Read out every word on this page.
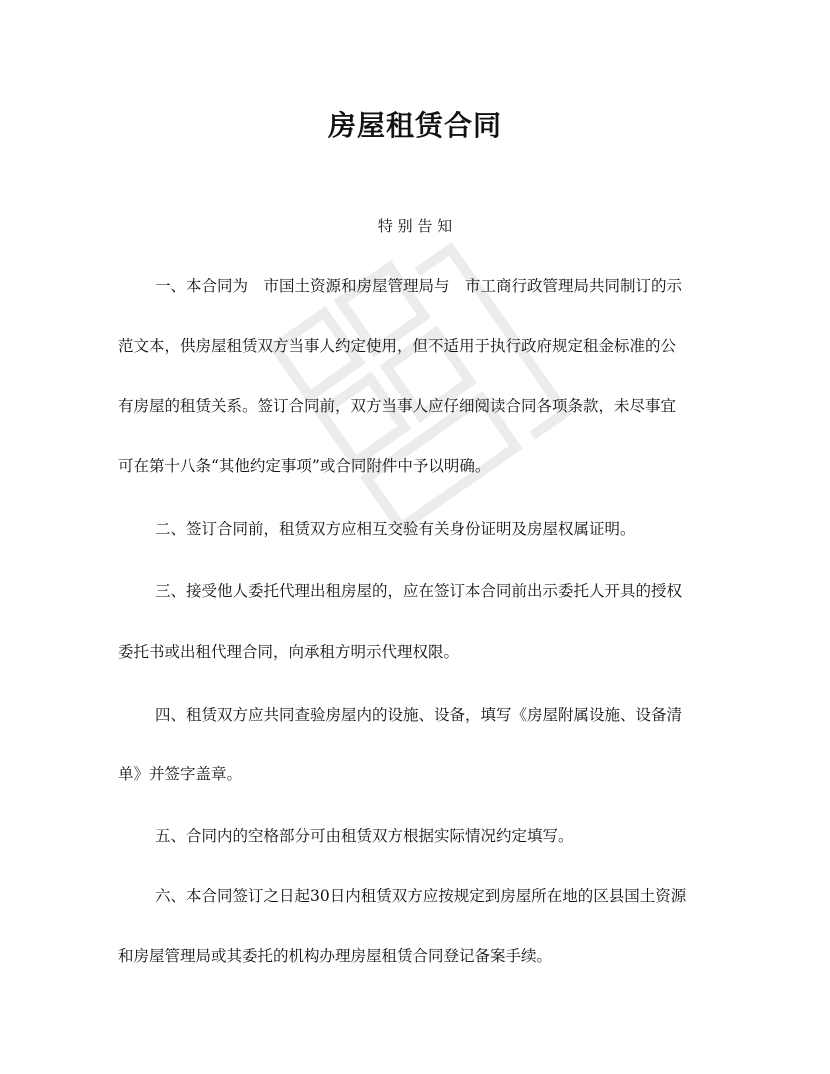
房屋租赁合同
特 别 告 知
一、本合同为　市国土资源和房屋管理局与　市工商行政管理局共同制订的示
范文本，供房屋租赁双方当事人约定使用，但不适用于执行政府规定租金标准的公
有房屋的租赁关系。签订合同前，双方当事人应仔细阅读合同各项条款，未尽事宜
可在第十八条“其他约定事项”或合同附件中予以明确。
二、签订合同前，租赁双方应相互交验有关身份证明及房屋权属证明。
三、接受他人委托代理出租房屋的，应在签订本合同前出示委托人开具的授权
委托书或出租代理合同，向承租方明示代理权限。
四、租赁双方应共同查验房屋内的设施、设备，填写《房屋附属设施、设备清
单》并签字盖章。
五、合同内的空格部分可由租赁双方根据实际情况约定填写。
六、本合同签订之日起30日内租赁双方应按规定到房屋所在地的区县国土资源
和房屋管理局或其委托的机构办理房屋租赁合同登记备案手续。
